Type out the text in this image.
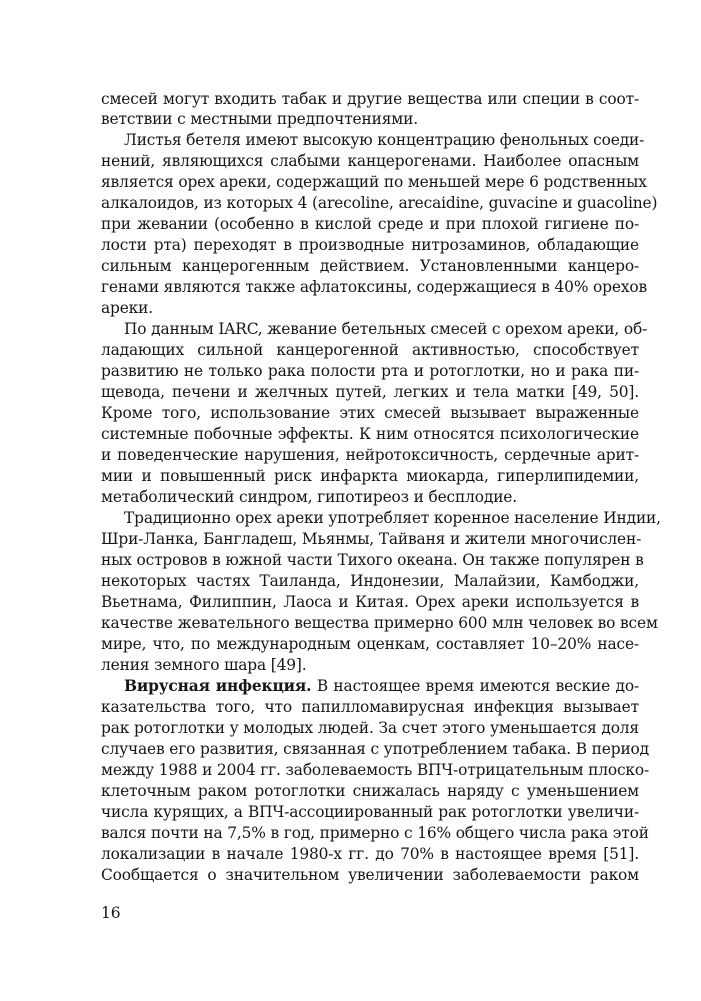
смесей могут входить табак и другие вещества или специи в соот-
ветствии с местными предпочтениями.
Листья бетеля имеют высокую концентрацию фенольных соеди-
нений, являющихся слабыми канцерогенами. Наиболее опасным
является орех ареки, содержащий по меньшей мере 6 родственных
алкалоидов, из которых 4 (arecoline, arecaidine, guvacine и guacoline)
при жевании (особенно в кислой среде и при плохой гигиене по-
лости рта) переходят в производные нитрозаминов, обладающие
сильным канцерогенным действием. Установленными канцеро-
генами являются также афлатоксины, содержащиеся в 40% орехов
ареки.
По данным IARC, жевание бетельных смесей с орехом ареки, об-
ладающих сильной канцерогенной активностью, способствует
развитию не только рака полости рта и ротоглотки, но и рака пи-
щевода, печени и желчных путей, легких и тела матки [49, 50].
Кроме того, использование этих смесей вызывает выраженные
системные побочные эффекты. К ним относятся психологические
и поведенческие нарушения, нейротоксичность, сердечные арит-
мии и повышенный риск инфаркта миокарда, гиперлипидемии,
метаболический синдром, гипотиреоз и бесплодие.
Традиционно орех ареки употребляет коренное население Индии,
Шри-Ланка, Бангладеш, Мьянмы, Тайваня и жители многочислен-
ных островов в южной части Тихого океана. Он также популярен в
некоторых частях Таиланда, Индонезии, Малайзии, Камбоджи,
Вьетнама, Филиппин, Лаоса и Китая. Орех ареки используется в
качестве жевательного вещества примерно 600 млн человек во всем
мире, что, по международным оценкам, составляет 10–20% насе-
ления земного шара [49].
Вирусная инфекция. В настоящее время имеются веские до-
казательства того, что папилломавирусная инфекция вызывает
рак ротоглотки у молодых людей. За счет этого уменьшается доля
случаев его развития, связанная с употреблением табака. В период
между 1988 и 2004 гг. заболеваемость ВПЧ-отрицательным плоско-
клеточным раком ротоглотки снижалась наряду с уменьшением
числа курящих, а ВПЧ-ассоциированный рак ротоглотки увеличи-
вался почти на 7,5% в год, примерно с 16% общего числа рака этой
локализации в начале 1980-х гг. до 70% в настоящее время [51].
Сообщается о значительном увеличении заболеваемости раком
16
